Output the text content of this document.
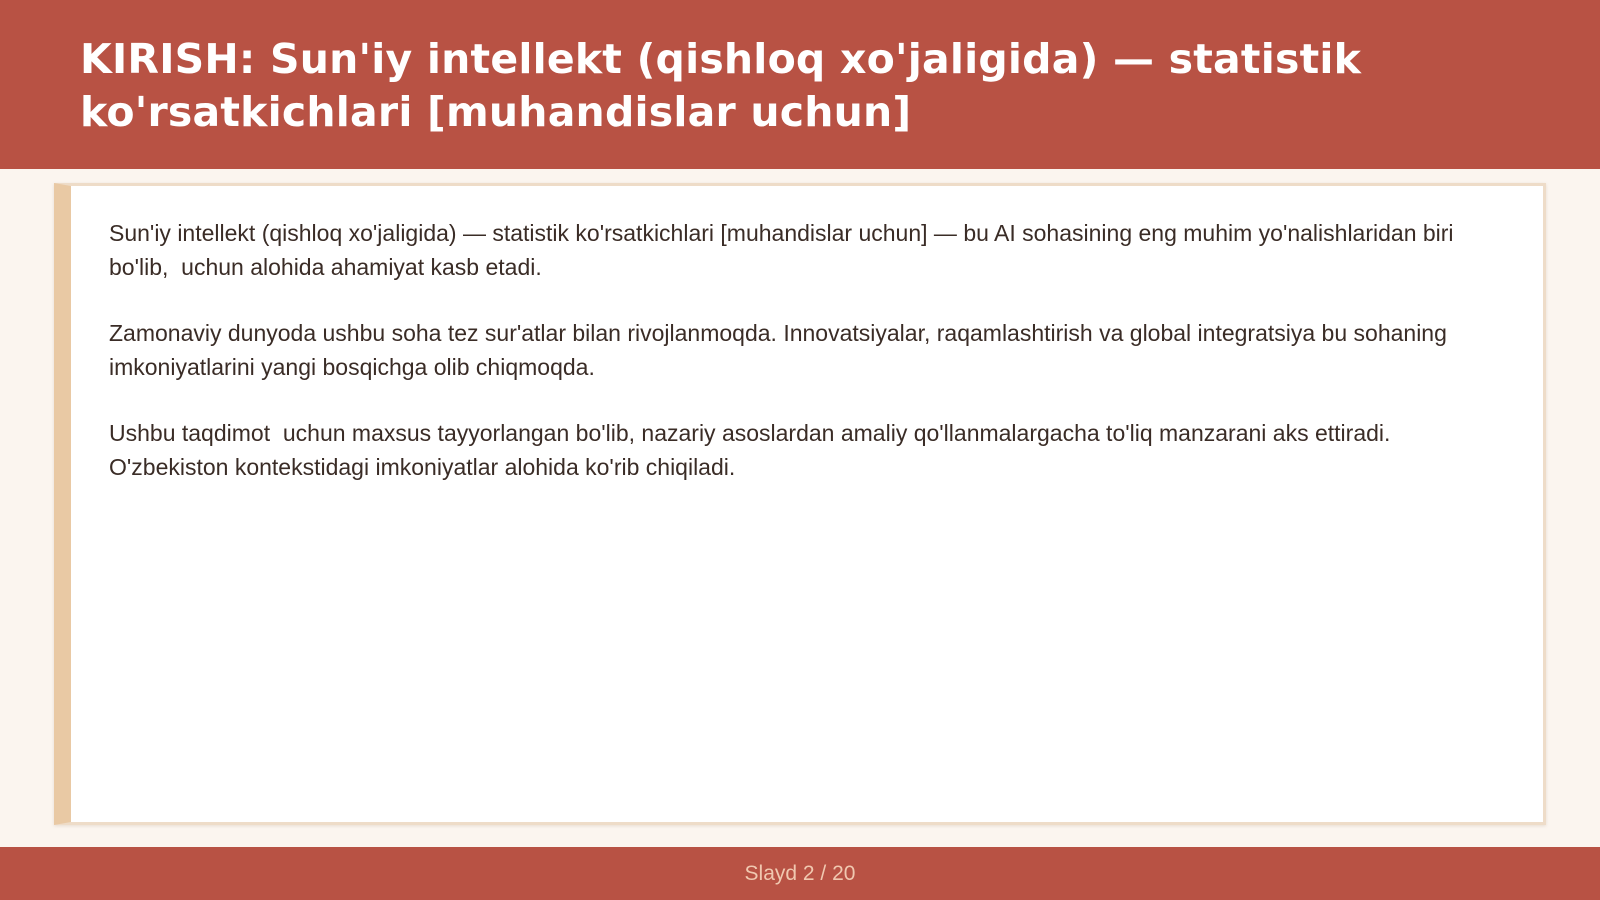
KIRISH: Sun'iy intellekt (qishloq xo'jaligida) — statistik ko'rsatkichlari [muhandislar uchun]

Sun'iy intellekt (qishloq xo'jaligida) — statistik ko'rsatkichlari [muhandislar uchun] — bu AI sohasining eng muhim yo'nalishlaridan biri bo'lib,  uchun alohida ahamiyat kasb etadi.

Zamonaviy dunyoda ushbu soha tez sur'atlar bilan rivojlanmoqda. Innovatsiyalar, raqamlashtirish va global integratsiya bu sohaning imkoniyatlarini yangi bosqichga olib chiqmoqda.

Ushbu taqdimot  uchun maxsus tayyorlangan bo'lib, nazariy asoslardan amaliy qo'llanmalargacha to'liq manzarani aks ettiradi. O'zbekiston kontekstidagi imkoniyatlar alohida ko'rib chiqiladi.

Slayd 2 / 20
